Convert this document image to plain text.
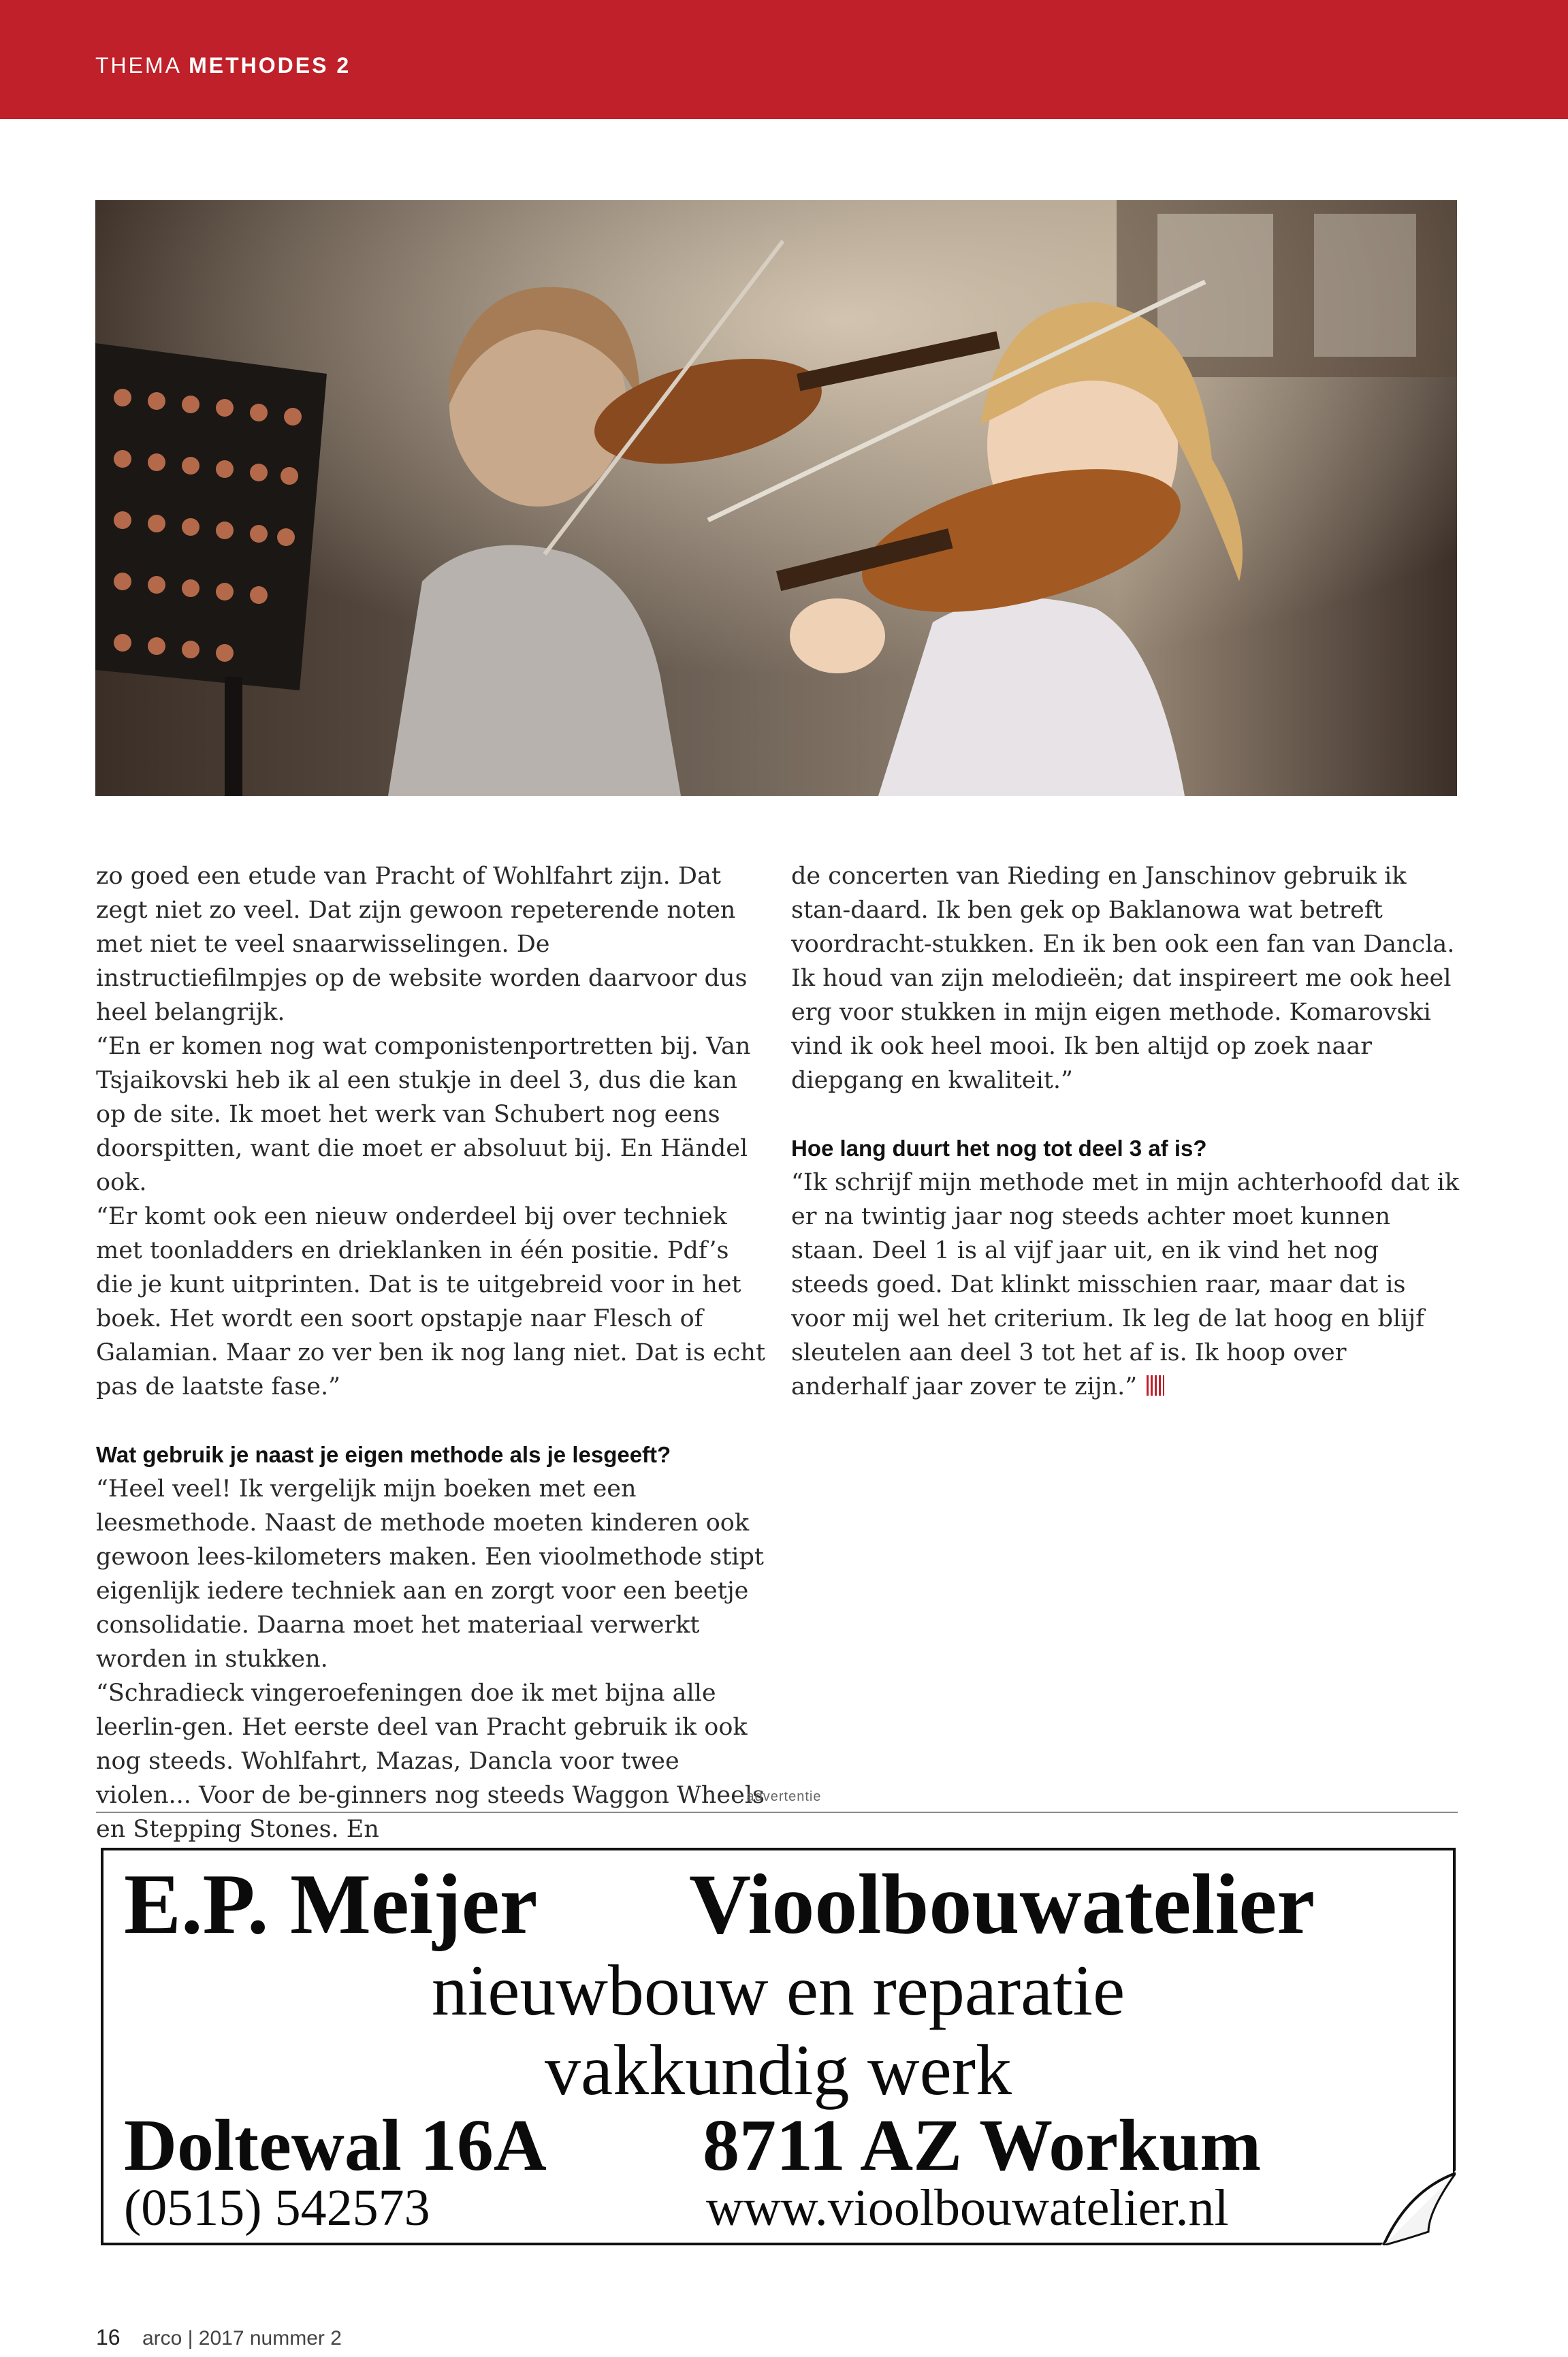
THEMA METHODES 2

zo goed een etude van Pracht of Wohlfahrt zijn. Dat zegt niet zo veel. Dat zijn gewoon repeterende noten met niet te veel snaarwisselingen. De instructiefilmpjes op de website worden daarvoor dus heel belangrijk.

“En er komen nog wat componistenportretten bij. Van Tsjaikovski heb ik al een stukje in deel 3, dus die kan op de site. Ik moet het werk van Schubert nog eens doorspitten, want die moet er absoluut bij. En Händel ook.

“Er komt ook een nieuw onderdeel bij over techniek met toonladders en drieklanken in één positie. Pdf’s die je kunt uitprinten. Dat is te uitgebreid voor in het boek. Het wordt een soort opstapje naar Flesch of Galamian. Maar zo ver ben ik nog lang niet. Dat is echt pas de laatste fase.”

Wat gebruik je naast je eigen methode als je lesgeeft?

“Heel veel! Ik vergelijk mijn boeken met een leesmethode. Naast de methode moeten kinderen ook gewoon lees-kilometers maken. Een vioolmethode stipt eigenlijk iedere techniek aan en zorgt voor een beetje consolidatie. Daarna moet het materiaal verwerkt worden in stukken.

“Schradieck vingeroefeningen doe ik met bijna alle leerlin-gen. Het eerste deel van Pracht gebruik ik ook nog steeds. Wohlfahrt, Mazas, Dancla voor twee violen... Voor de be-ginners nog steeds Waggon Wheels en Stepping Stones. En

de concerten van Rieding en Janschinov gebruik ik stan-daard. Ik ben gek op Baklanowa wat betreft voordracht-stukken. En ik ben ook een fan van Dancla. Ik houd van zijn melodieën; dat inspireert me ook heel erg voor stukken in mijn eigen methode. Komarovski vind ik ook heel mooi. Ik ben altijd op zoek naar diepgang en kwaliteit.”

Hoe lang duurt het nog tot deel 3 af is?

“Ik schrijf mijn methode met in mijn achterhoofd dat ik er na twintig jaar nog steeds achter moet kunnen staan. Deel 1 is al vijf jaar uit, en ik vind het nog steeds goed. Dat klinkt misschien raar, maar dat is voor mij wel het criterium. Ik leg de lat hoog en blijf sleutelen aan deel 3 tot het af is. Ik hoop over anderhalf jaar zover te zijn.”

advertentie
E.P. Meijer Vioolbouwatelier
nieuwbouw en reparatie
vakkundig werk
Doltewal 16A 8711 AZ Workum
(0515) 542573	www.vioolbouwatelier.nl
16 arco | 2017 nummer 2
